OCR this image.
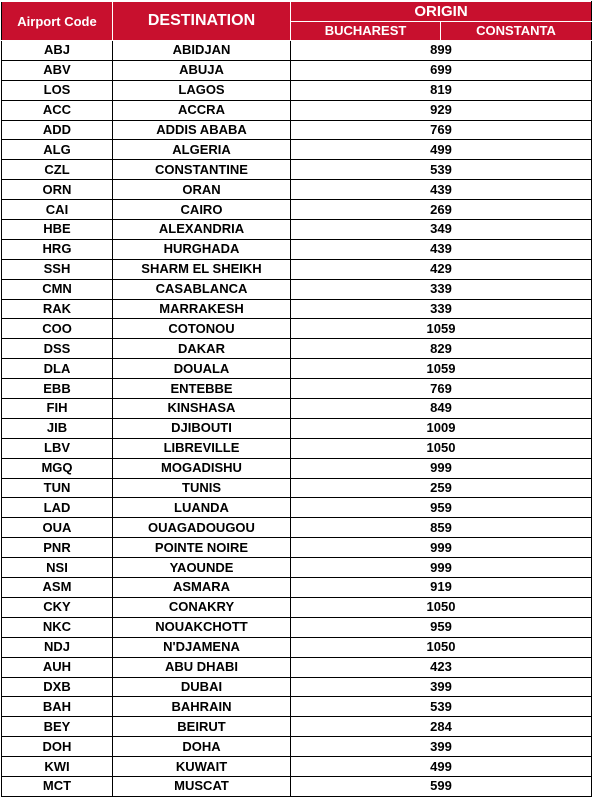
Airport Code	DESTINATION	ORIGIN	
		BUCHAREST	CONSTANTA
ABJ	ABIDJAN	899	
ABV	ABUJA	699	
LOS	LAGOS	819	
ACC	ACCRA	929	
ADD	ADDIS ABABA	769	
ALG	ALGERIA	499	
CZL	CONSTANTINE	539	
ORN	ORAN	439	
CAI	CAIRO	269	
HBE	ALEXANDRIA	349	
HRG	HURGHADA	439	
SSH	SHARM EL SHEIKH	429	
CMN	CASABLANCA	339	
RAK	MARRAKESH	339	
COO	COTONOU	1059	
DSS	DAKAR	829	
DLA	DOUALA	1059	
EBB	ENTEBBE	769	
FIH	KINSHASA	849	
JIB	DJIBOUTI	1009	
LBV	LIBREVILLE	1050	
MGQ	MOGADISHU	999	
TUN	TUNIS	259	
LAD	LUANDA	959	
OUA	OUAGADOUGOU	859	
PNR	POINTE NOIRE	999	
NSI	YAOUNDE	999	
ASM	ASMARA	919	
CKY	CONAKRY	1050	
NKC	NOUAKCHOTT	959	
NDJ	N'DJAMENA	1050	
AUH	ABU DHABI	423	
DXB	DUBAI	399	
BAH	BAHRAIN	539	
BEY	BEIRUT	284	
DOH	DOHA	399	
KWI	KUWAIT	499	
MCT	MUSCAT	599	
